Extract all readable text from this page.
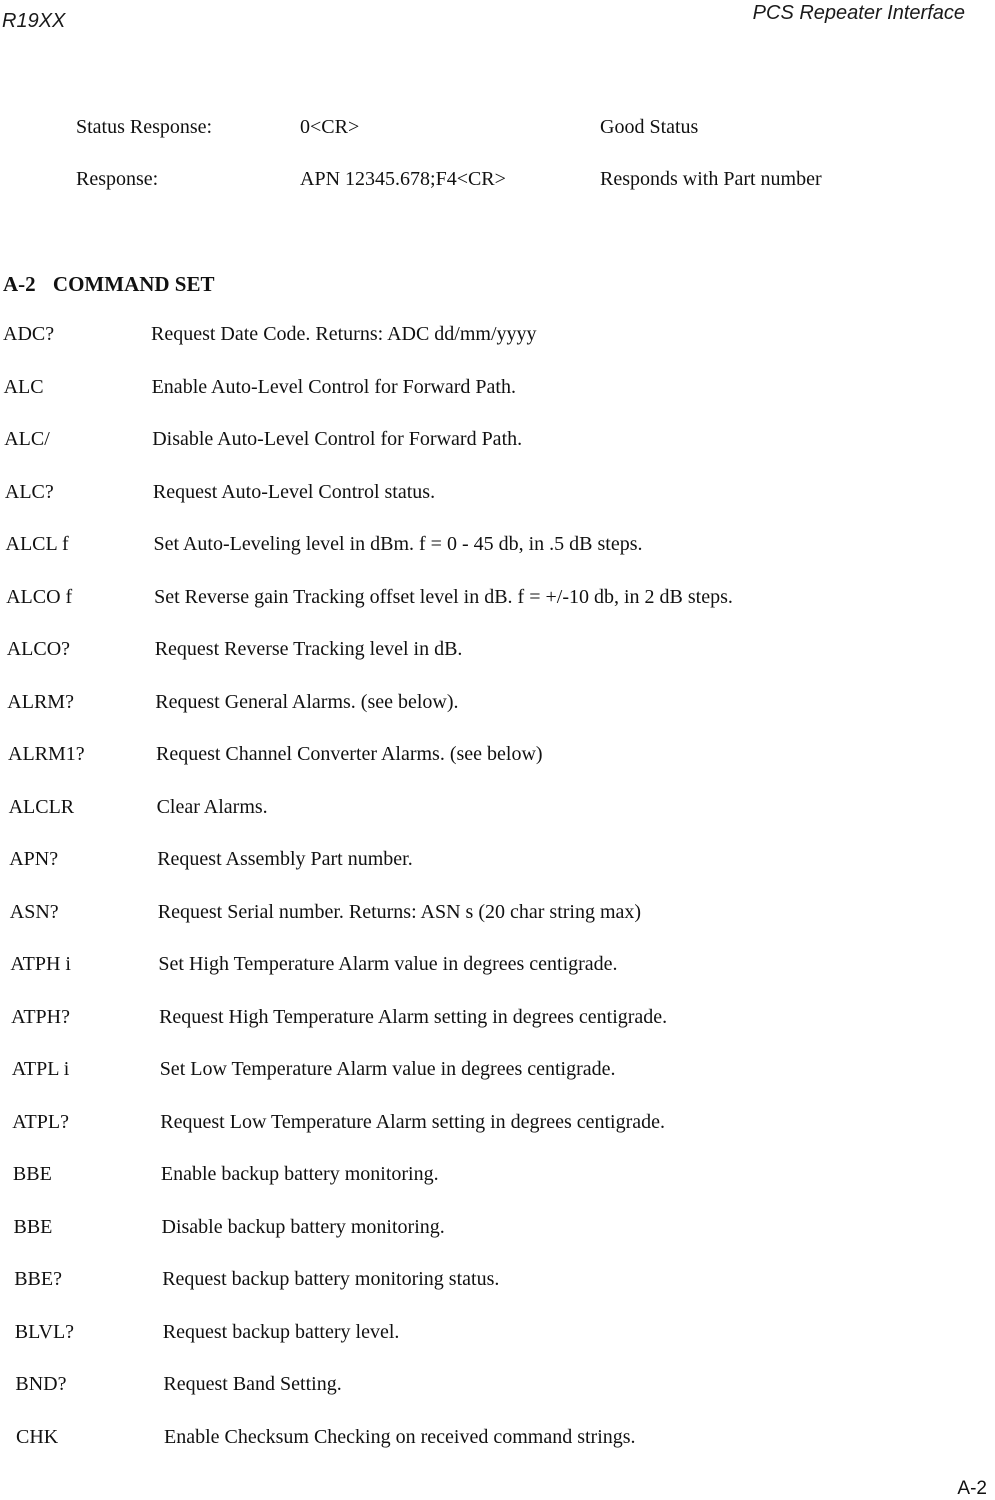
R19XX	PCS Repeater Interface
Status Response:	0<CR>	Good Status
Response:	APN 12345.678;F4<CR>	Responds with Part number
A-2 COMMAND SET
ADC?	Request Date Code. Returns: ADC dd/mm/yyyy
ALC	Enable Auto-Level Control for Forward Path.
ALC/	Disable Auto-Level Control for Forward Path.
ALC?	Request Auto-Level Control status.
ALCL f	Set Auto-Leveling level in dBm. f = 0 - 45 db, in .5 dB steps.
ALCO f	Set Reverse gain Tracking offset level in dB. f = +/-10 db, in 2 dB steps.
ALCO?	Request Reverse Tracking level in dB.
ALRM?	Request General Alarms. (see below).
ALRM1?	Request Channel Converter Alarms. (see below)
ALCLR	Clear Alarms.
APN?	Request Assembly Part number.
ASN?	Request Serial number. Returns: ASN s (20 char string max)
ATPH i	Set High Temperature Alarm value in degrees centigrade.
ATPH?	Request High Temperature Alarm setting in degrees centigrade.
ATPL i	Set Low Temperature Alarm value in degrees centigrade.
ATPL?	Request Low Temperature Alarm setting in degrees centigrade.
BBE	Enable backup battery monitoring.
BBE	Disable backup battery monitoring.
BBE?	Request backup battery monitoring status.
BLVL?	Request backup battery level.
BND?	Request Band Setting.
CHK	Enable Checksum Checking on received command strings.
A-2
